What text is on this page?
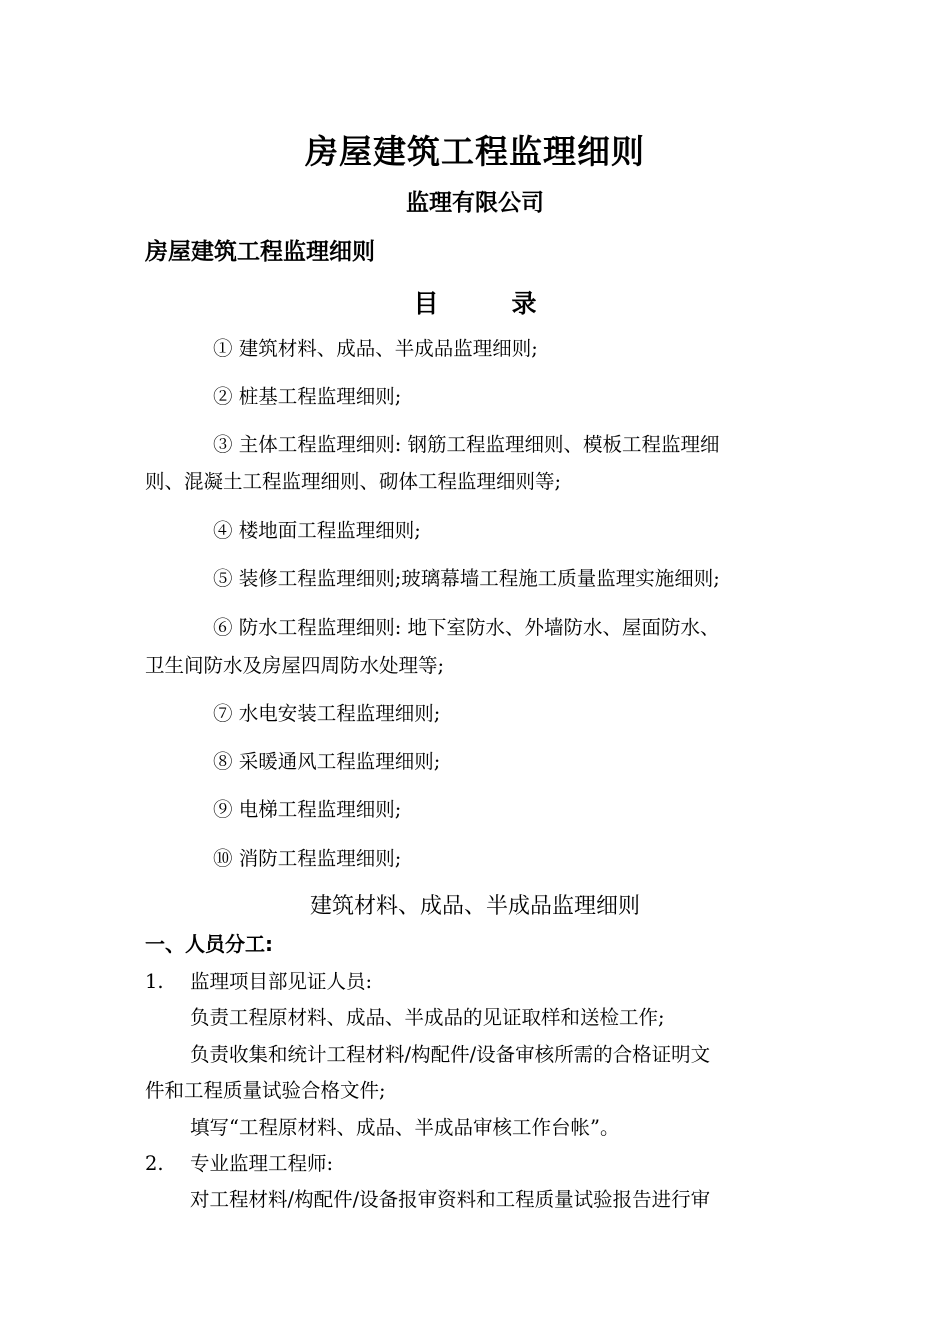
房屋建筑工程监理细则
监理有限公司
房屋建筑工程监理细则
目录
① 建筑材料、成品、半成品监理细则;
② 桩基工程监理细则;
③ 主体工程监理细则: 钢筋工程监理细则、模板工程监理细
则、混凝土工程监理细则、砌体工程监理细则等;
④ 楼地面工程监理细则;
⑤ 装修工程监理细则;玻璃幕墙工程施工质量监理实施细则;
⑥ 防水工程监理细则: 地下室防水、外墙防水、屋面防水、
卫生间防水及房屋四周防水处理等;
⑦ 水电安装工程监理细则;
⑧ 采暖通风工程监理细则;
⑨ 电梯工程监理细则;
⑩ 消防工程监理细则;
建筑材料、成品、半成品监理细则
一、人员分工:
1. 监理项目部见证人员:
负责工程原材料、成品、半成品的见证取样和送检工作;
负责收集和统计工程材料/构配件/设备审核所需的合格证明文
件和工程质量试验合格文件;
填写“工程原材料、成品、半成品审核工作台帐”。
2. 专业监理工程师:
对工程材料/构配件/设备报审资料和工程质量试验报告进行审
